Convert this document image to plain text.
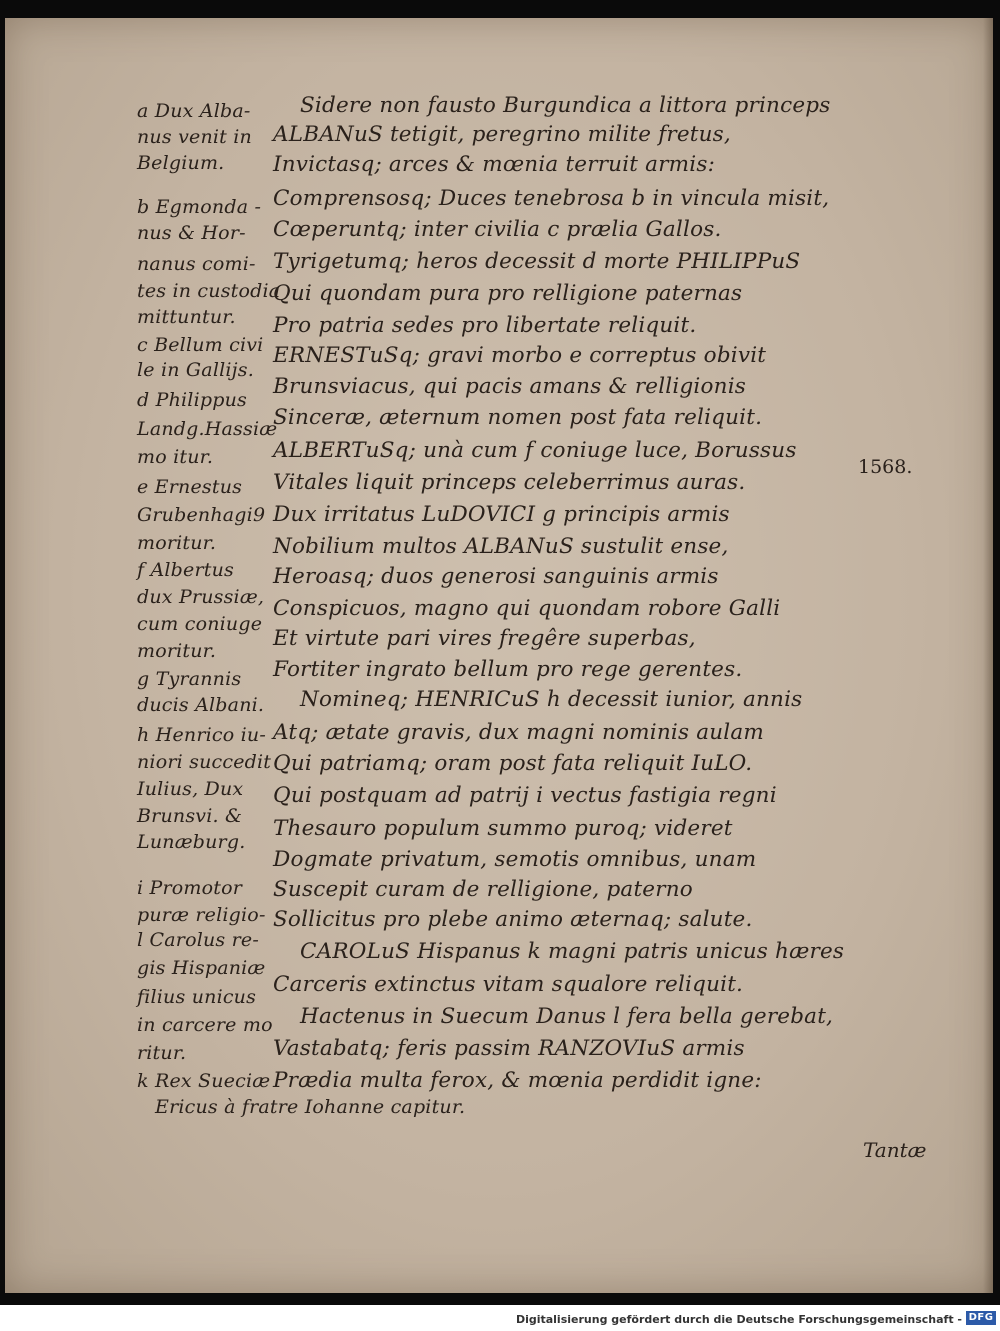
a Dux Alba-
nus venit in
Belgium.
b Egmonda -
nus & Hor-
nanus comi-
tes in custodia
mittuntur.
c Bellum civi
le in Gallijs.
d Philippus
Landg.Hassiæ
mo itur.
e Ernestus
Grubenhagi9
moritur.
f Albertus
dux Prussiæ,
cum coniuge
moritur.
g Tyrannis
ducis Albani.
h Henrico iu-
niori succedit
Iulius, Dux
Brunsvi. &
Lunæburg.
i Promotor
puræ religio-
l Carolus re-
gis Hispaniæ
filius unicus
in carcere mo
ritur.
k Rex Sueciæ
Ericus à fratre Iohanne capitur.
Sidere non fausto Burgundica a littora princeps
ALBANuS tetigit, peregrino milite fretus,
Invictasq; arces & mœnia terruit armis:
Comprensosq; Duces tenebrosa b in vincula misit,
Cœperuntq; inter civilia c prælia Gallos.
Tyrigetumq; heros decessit d morte PHILIPPuS
Qui quondam pura pro relligione paternas
Pro patria sedes pro libertate reliquit.
ERNESTuSq; gravi morbo e correptus obivit
Brunsviacus, qui pacis amans & relligionis
Sinceræ, æternum nomen post fata reliquit.
ALBERTuSq; unà cum f coniuge luce, Borussus
Vitales liquit princeps celeberrimus auras.
Dux irritatus LuDOVICI g principis armis
Nobilium multos ALBANuS sustulit ense,
Heroasq; duos generosi sanguinis armis
Conspicuos, magno qui quondam robore Galli
Et virtute pari vires fregêre superbas,
Fortiter ingrato bellum pro rege gerentes.
Nomineq; HENRICuS h decessit iunior, annis
Atq; ætate gravis, dux magni nominis aulam
Qui patriamq; oram post fata reliquit IuLO.
Qui postquam ad patrij i vectus fastigia regni
Thesauro populum summo puroq; videret
Dogmate privatum, semotis omnibus, unam
Suscepit curam de relligione, paterno
Sollicitus pro plebe animo æternaq; salute.
CAROLuS Hispanus k magni patris unicus hæres
Carceris extinctus vitam squalore reliquit.
Hactenus in Suecum Danus l fera bella gerebat,
Vastabatq; feris passim RANZOVIuS armis
Prædia multa ferox, & mœnia perdidit igne:
1568.
Tantæ
Digitalisierung gefördert durch die Deutsche Forschungsgemeinschaft - DFG
